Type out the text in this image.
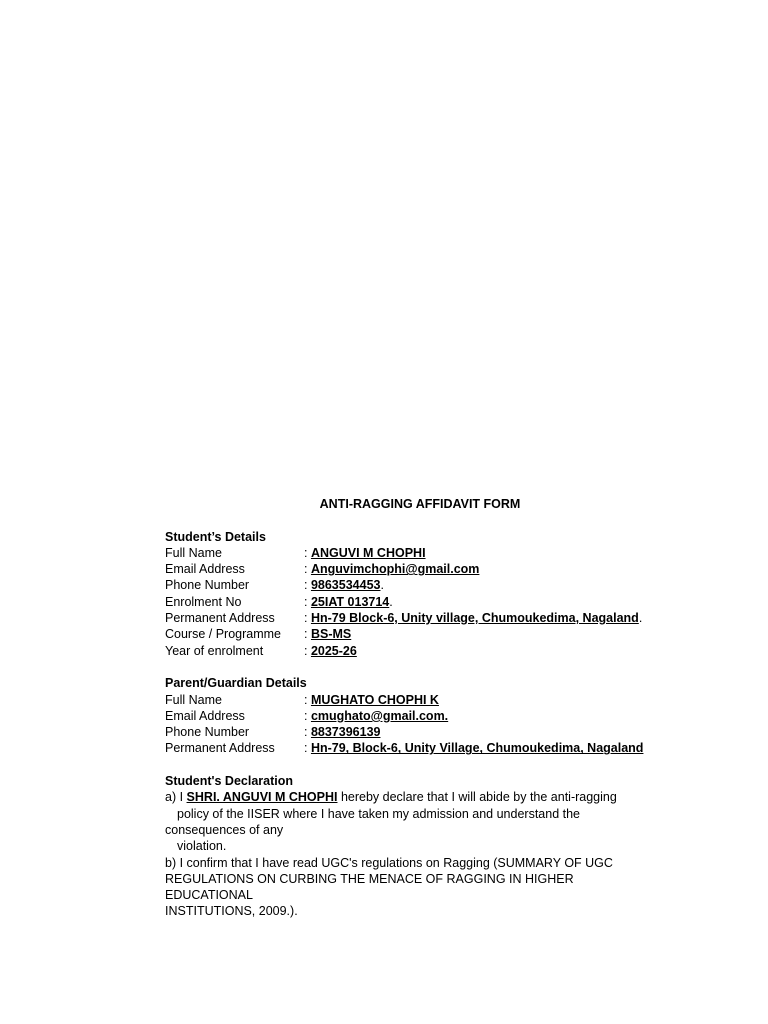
ANTI-RAGGING AFFIDAVIT FORM
Student’s Details
Full Name	: ANGUVI M CHOPHI
Email Address	: Anguvimchophi@gmail.com
Phone Number	: 9863534453.
Enrolment No	: 25IAT 013714.
Permanent Address	: Hn-79 Block-6, Unity village, Chumoukedima, Nagaland.
Course / Programme	: BS-MS
Year of enrolment	: 2025-26
Parent/Guardian Details
Full Name	: MUGHATO CHOPHI K
Email Address	: cmughato@gmail.com.
Phone Number	: 8837396139
Permanent Address	: Hn-79, Block-6, Unity Village, Chumoukedima, Nagaland
Student's Declaration
a) I SHRI. ANGUVI M CHOPHI hereby declare that I will abide by the anti-ragging
policy of the IISER where I have taken my admission and understand the
consequences of any
violation.
b) I confirm that I have read UGC's regulations on Ragging (SUMMARY OF UGC
REGULATIONS ON CURBING THE MENACE OF RAGGING IN HIGHER EDUCATIONAL
INSTITUTIONS, 2009.).
